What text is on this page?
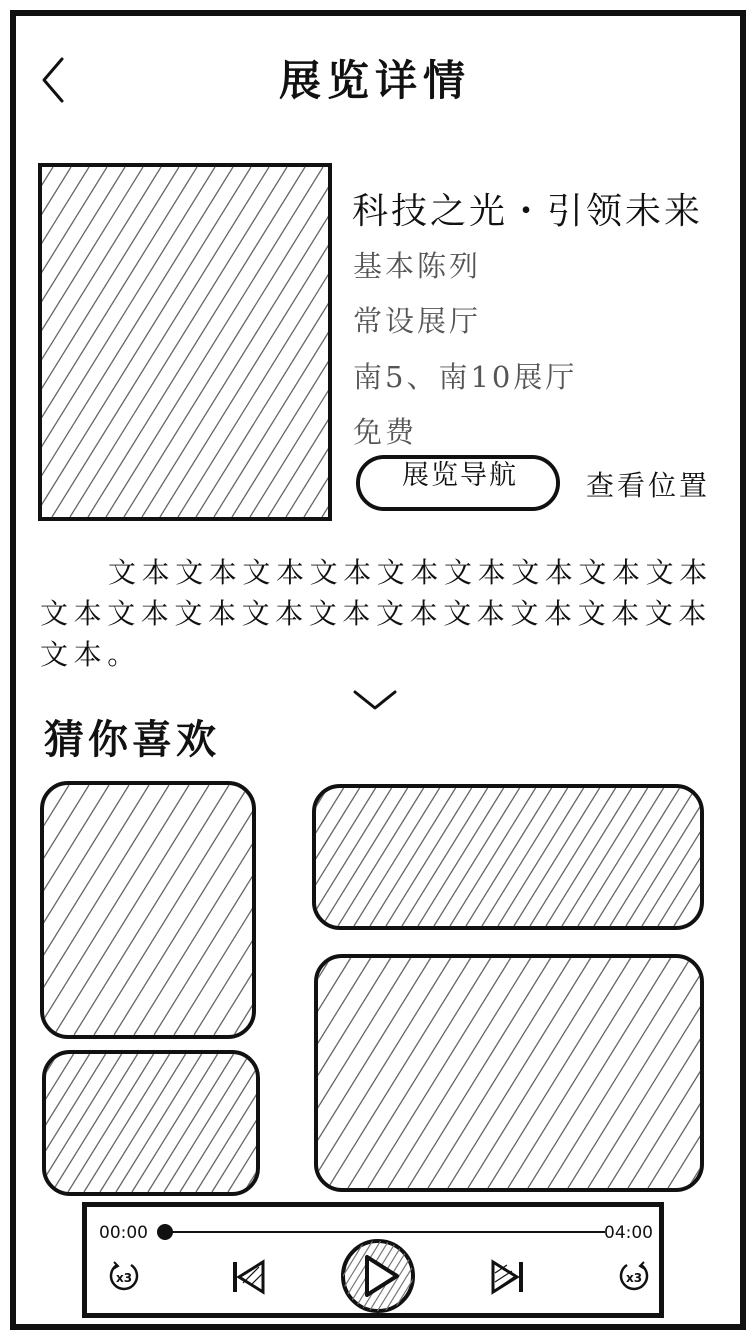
展览详情
科技之光・引领未来
基本陈列
常设展厅
南5、南10展厅
免费
展览导航	查看位置
文本文本文本文本文本文本文本文本文本文本文本文本文本文本文本文本文本文本文本文本。
猜你喜欢
00:00	04:00
x3	x3
